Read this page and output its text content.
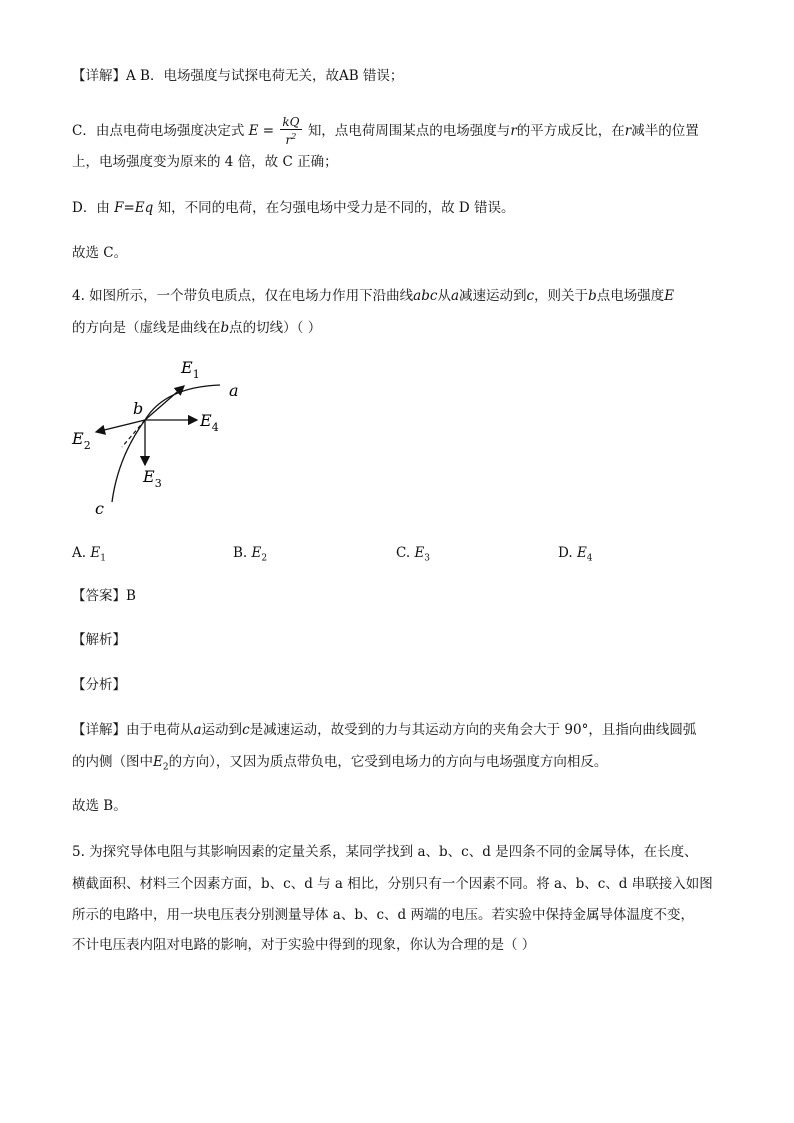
【详解】A B．电场强度与试探电荷无关，故AB 错误；
C．由点电荷电场强度决定式 $E = \frac{kQ}{r^2}$ 知，点电荷周围某点的电场强度与r的平方成反比，在r减半的位置
上，电场强度变为原来的 4 倍，故 C 正确；
D．由 F=Eq 知，不同的电荷，在匀强电场中受力是不同的，故 D 错误。
故选 C。
4. 如图所示，一个带负电质点，仅在电场力作用下沿曲线abc从a减速运动到c，则关于b点电场强度E
的方向是（虚线是曲线在b点的切线）（ ）
$E_1$
a
b
$E_4$
$E_2$
$E_3$
c
A. $E_1$	B. $E_2$	C. $E_3$	D. $E_4$
【答案】B
【解析】
【分析】
【详解】由于电荷从a运动到c是减速运动，故受到的力与其运动方向的夹角会大于 90°，且指向曲线圆弧
的内侧（图中$E_2$的方向），又因为质点带负电，它受到电场力的方向与电场强度方向相反。
故选 B。
5. 为探究导体电阻与其影响因素的定量关系，某同学找到 a、b、c、d 是四条不同的金属导体，在长度、
横截面积、材料三个因素方面，b、c、d 与 a 相比，分别只有一个因素不同。将 a、b、c、d 串联接入如图
所示的电路中，用一块电压表分别测量导体 a、b、c、d 两端的电压。若实验中保持金属导体温度不变，
不计电压表内阻对电路的影响，对于实验中得到的现象，你认为合理的是（ ）
